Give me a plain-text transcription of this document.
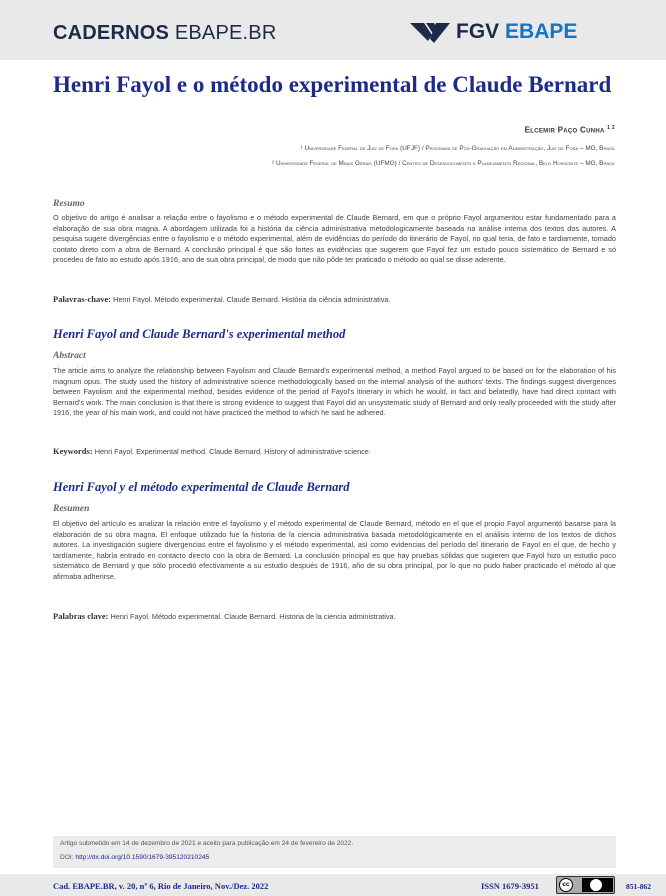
CADERNOS EBAPE.BR	FGV EBAPE
Henri Fayol e o método experimental de Claude Bernard
Elcemir Paço Cunha $^{1 2}$
¹ Universidade Federal de Juiz de Fora (UFJF) / Programa de Pós-Graduação em Administração, Juiz de Fora – MG, Brasil
² Universidade Federal de Minas Gerais (UFMG) / Centro de Desenvolvimento e Planejamento Regional, Belo Horizonte – MG, Brasil
Resumo
O objetivo do artigo é analisar a relação entre o fayolismo e o método experimental de Claude Bernard, em que o próprio Fayol argumentou estar fundamentado para a elaboração de sua obra magna. A abordagem utilizada foi a história da ciência administrativa metodologicamente baseada na análise interna dos textos dos autores. A pesquisa sugere divergências entre o fayolismo e o método experimental, além de evidências do período do itinerário de Fayol, no qual teria, de fato e tardiamente, tomado contato direto com a obra de Bernard. A conclusão principal é que são fortes as evidências que sugerem que Fayol fez um estudo pouco sistemático de Bernard e só procedeu de fato ao estudo após 1916, ano de sua obra principal, de modo que não pôde ter praticado o método ao qual se disse aderente.
Palavras-chave: Henri Fayol. Método experimental. Claude Bernard. História da ciência administrativa.
Henri Fayol and Claude Bernard's experimental method
Abstract
The article aims to analyze the relationship between Fayolism and Claude Bernard's experimental method, a method Fayol argued to be based on for the elaboration of his magnum opus. The study used the history of administrative science methodologically based on the internal analysis of the authors' texts. The findings suggest divergences between Fayolism and the experimental method, besides evidence of the period of Fayol's itinerary in which he would, in fact and belatedly, have had direct contact with Bernard's work. The main conclusion is that there is strong evidence to suggest that Fayol did an unsystematic study of Bernard and only really proceeded with the study after 1916, the year of his main work, and could not have practiced the method to which he said he adhered.
Keywords: Henri Fayol. Experimental method. Claude Bernard. History of administrative science.
Henri Fayol y el método experimental de Claude Bernard
Resumen
El objetivo del artículo es analizar la relación entre el fayolismo y el método experimental de Claude Bernard, método en el que el propio Fayol argumentó basarse para la elaboración de su obra magna. El enfoque utilizado fue la historia de la ciencia administrativa basada metodológicamente en el análisis interno de los textos de dichos autores. La investigación sugiere divergencias entre el fayolismo y el método experimental, así como evidencias del período del itinerario de Fayol en el que, de hecho y tardíamente, habría entrado en contacto directo con la obra de Bernard. La conclusión principal es que hay pruebas sólidas que sugieren que Fayol hizo un estudio poco sistemático de Bernard y que sólo procedió efectivamente a su estudio después de 1916, año de su obra principal, por lo que no pudo haber practicado el método al que afirmaba adherirse.
Palabras clave: Henri Fayol. Método experimental. Claude Bernard. Historia de la ciencia administrativa.
Artigo submetido em 14 de dezembro de 2021 e aceito para publicação em 24 de fevereiro de 2022.
DOI: http://dx.doi.org/10.1590/1679-395120210245
Cad. EBAPE.BR, v. 20, nº 6, Rio de Janeiro, Nov./Dez. 2022	ISSN 1679-3951	cc
BY	851-862
